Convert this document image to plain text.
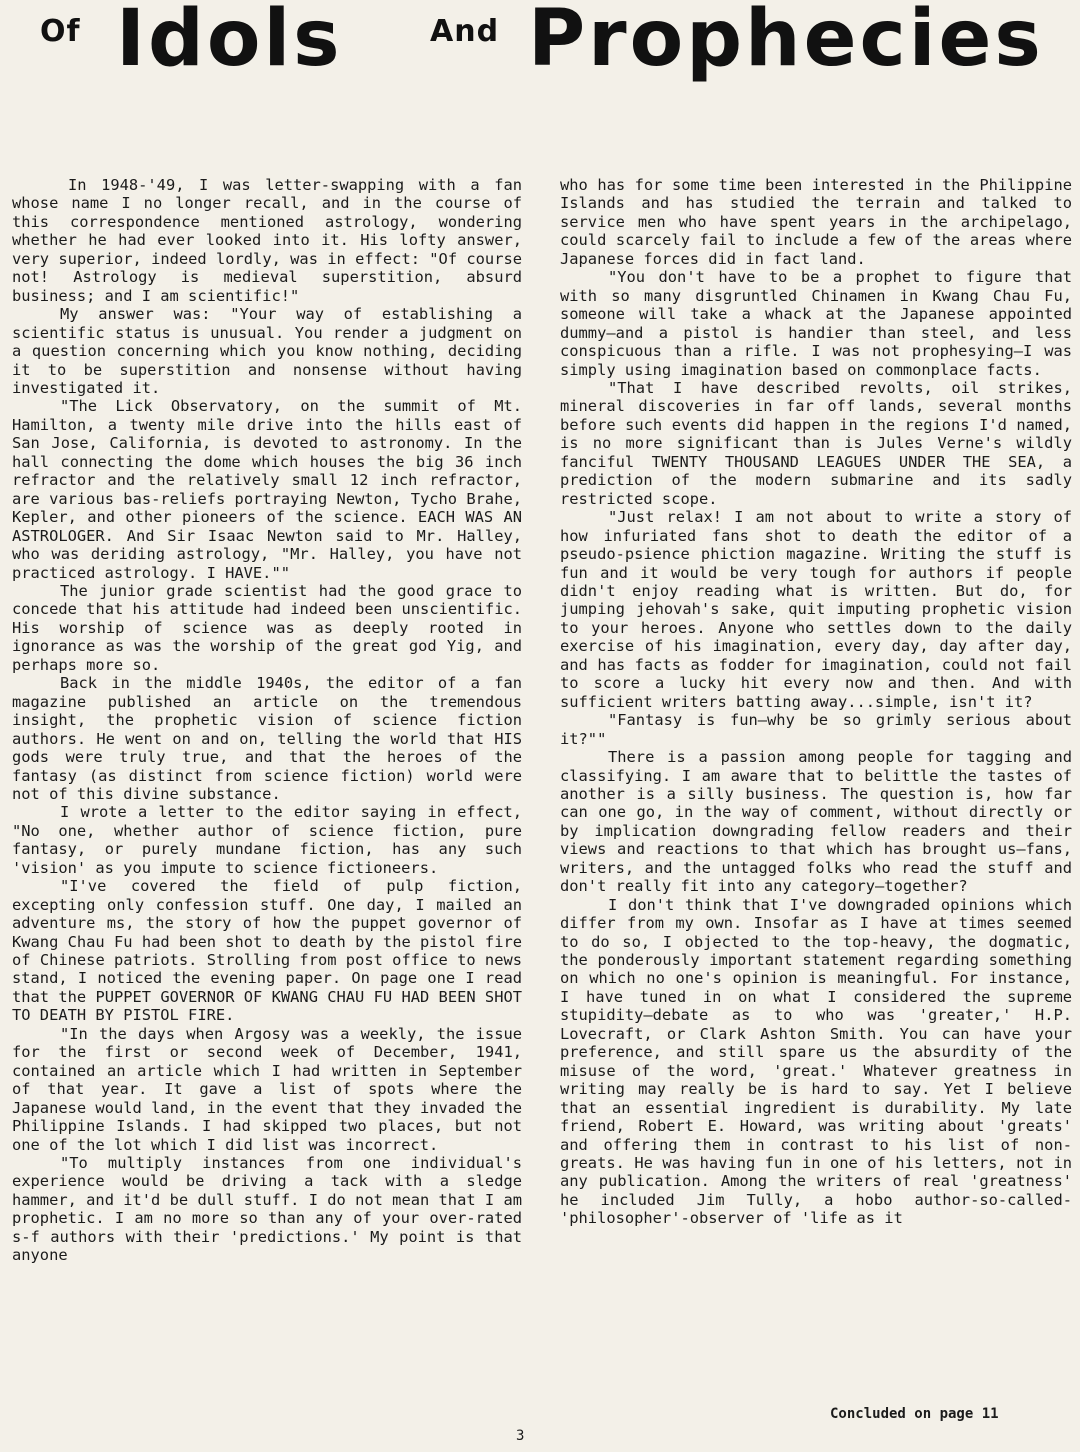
Of Idols	And Prophecies

In 1948-'49, I was letter-swapping with a fan whose name I no longer recall, and in the course of this correspondence mentioned astrology, wondering whether he had ever looked into it. His lofty answer, very superior, indeed lordly, was in effect: "Of course not! Astrology is medieval superstition, absurd business; and I am scientific!"

My answer was: "Your way of establishing a scientific status is unusual. You render a judgment on a question concerning which you know nothing, deciding it to be superstition and nonsense without having investigated it.

"The Lick Observatory, on the summit of Mt. Hamilton, a twenty mile drive into the hills east of San Jose, California, is devoted to astronomy. In the hall connecting the dome which houses the big 36 inch refractor and the relatively small 12 inch refractor, are various bas-reliefs portraying Newton, Tycho Brahe, Kepler, and other pioneers of the science. EACH WAS AN ASTROLOGER. And Sir Isaac Newton said to Mr. Halley, who was deriding astrology, "Mr. Halley, you have not practiced astrology. I HAVE.""

The junior grade scientist had the good grace to concede that his attitude had indeed been unscientific. His worship of science was as deeply rooted in ignorance as was the worship of the great god Yig, and perhaps more so.

Back in the middle 1940s, the editor of a fan magazine published an article on the tremendous insight, the prophetic vision of science fiction authors. He went on and on, telling the world that HIS gods were truly true, and that the heroes of the fantasy (as distinct from science fiction) world were not of this divine substance.

I wrote a letter to the editor saying in effect, "No one, whether author of science fiction, pure fantasy, or purely mundane fiction, has any such 'vision' as you impute to science fictioneers.

"I've covered the field of pulp fiction, excepting only confession stuff. One day, I mailed an adventure ms, the story of how the puppet governor of Kwang Chau Fu had been shot to death by the pistol fire of Chinese patriots. Strolling from post office to news stand, I noticed the evening paper. On page one I read that the PUPPET GOVERNOR OF KWANG CHAU FU HAD BEEN SHOT TO DEATH BY PISTOL FIRE.

"In the days when Argosy was a weekly, the issue for the first or second week of December, 1941, contained an article which I had written in September of that year. It gave a list of spots where the Japanese would land, in the event that they invaded the Philippine Islands. I had skipped two places, but not one of the lot which I did list was incorrect.

"To multiply instances from one individual's experience would be driving a tack with a sledge hammer, and it'd be dull stuff. I do not mean that I am prophetic. I am no more so than any of your over-rated s-f authors with their 'predictions.' My point is that anyone

who has for some time been interested in the Philippine Islands and has studied the terrain and talked to service men who have spent years in the archipelago, could scarcely fail to include a few of the areas where Japanese forces did in fact land.

"You don't have to be a prophet to figure that with so many disgruntled Chinamen in Kwang Chau Fu, someone will take a whack at the Japanese appointed dummy—and a pistol is handier than steel, and less conspicuous than a rifle. I was not prophesying—I was simply using imagination based on commonplace facts.

"That I have described revolts, oil strikes, mineral discoveries in far off lands, several months before such events did happen in the regions I'd named, is no more significant than is Jules Verne's wildly fanciful TWENTY THOUSAND LEAGUES UNDER THE SEA, a prediction of the modern submarine and its sadly restricted scope.

"Just relax! I am not about to write a story of how infuriated fans shot to death the editor of a pseudo-psience phiction magazine. Writing the stuff is fun and it would be very tough for authors if people didn't enjoy reading what is written. But do, for jumping jehovah's sake, quit imputing prophetic vision to your heroes. Anyone who settles down to the daily exercise of his imagination, every day, day after day, and has facts as fodder for imagination, could not fail to score a lucky hit every now and then. And with sufficient writers batting away...simple, isn't it?

"Fantasy is fun—why be so grimly serious about it?""

There is a passion among people for tagging and classifying. I am aware that to belittle the tastes of another is a silly business. The question is, how far can one go, in the way of comment, without directly or by implication downgrading fellow readers and their views and reactions to that which has brought us—fans, writers, and the untagged folks who read the stuff and don't really fit into any category—together?

I don't think that I've downgraded opinions which differ from my own. Insofar as I have at times seemed to do so, I objected to the top-heavy, the dogmatic, the ponderously important statement regarding something on which no one's opinion is meaningful. For instance, I have tuned in on what I considered the supreme stupidity—debate as to who was 'greater,' H.P. Lovecraft, or Clark Ashton Smith. You can have your preference, and still spare us the absurdity of the misuse of the word, 'great.' Whatever greatness in writing may really be is hard to say. Yet I believe that an essential ingredient is durability. My late friend, Robert E. Howard, was writing about 'greats' and offering them in contrast to his list of non-greats. He was having fun in one of his letters, not in any publication. Among the writers of real 'greatness' he included Jim Tully, a hobo author-so-called-'philosopher'-observer of 'life as it

Concluded on page 11
3
